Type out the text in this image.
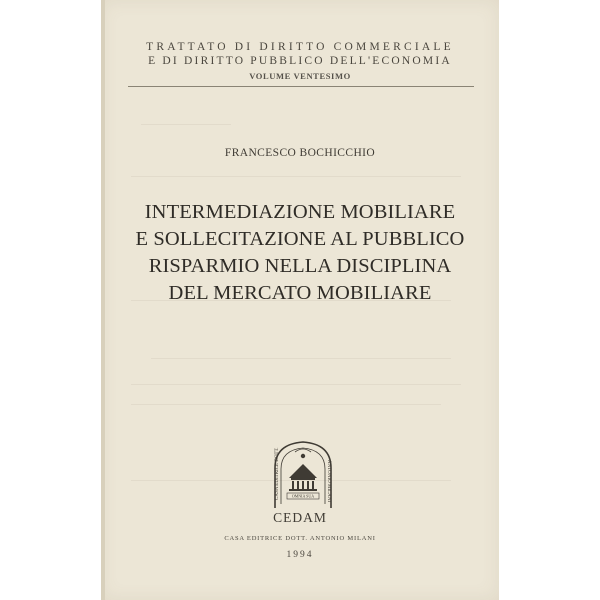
TRATTATO DI DIRITTO COMMERCIALE
E DI DIRITTO PUBBLICO DELL'ECONOMIA
VOLUME VENTESIMO
FRANCESCO BOCHICCHIO
INTERMEDIAZIONE MOBILIARE
E SOLLECITAZIONE AL PUBBLICO
RISPARMIO NELLA DISCIPLINA
DEL MERCATO MOBILIARE
CASA EDITRICE DOTT.	ANTONIO MILANI
OMNIA SUA
CEDAM
CASA EDITRICE DOTT. ANTONIO MILANI
1994
